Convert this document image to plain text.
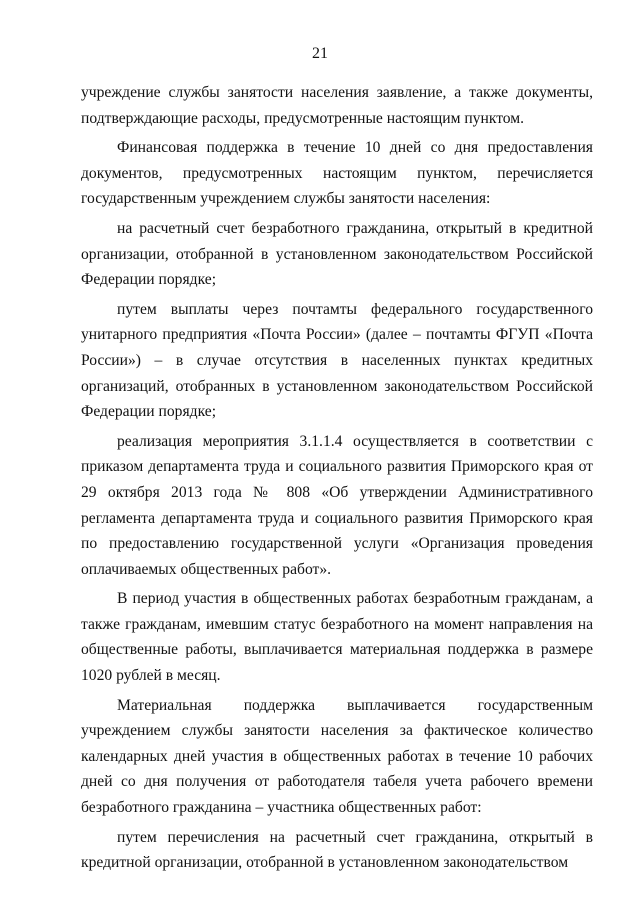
21

учреждение службы занятости населения заявление, а также документы, подтверждающие расходы, предусмотренные настоящим пунктом.

Финансовая поддержка в течение 10 дней со дня предоставления документов, предусмотренных настоящим пунктом, перечисляется государственным учреждением службы занятости населения:

на расчетный счет безработного гражданина, открытый в кредитной организации, отобранной в установленном законодательством Российской Федерации порядке;

путем выплаты через почтамты федерального государственного унитарного предприятия «Почта России» (далее – почтамты ФГУП «Почта России») – в случае отсутствия в населенных пунктах кредитных организаций, отобранных в установленном законодательством Российской Федерации порядке;

реализация мероприятия 3.1.1.4 осуществляется в соответствии с приказом департамента труда и социального развития Приморского края от 29 октября 2013 года № 808 «Об утверждении Административного регламента департамента труда и социального развития Приморского края по предоставлению государственной услуги «Организация проведения оплачиваемых общественных работ».

В период участия в общественных работах безработным гражданам, а также гражданам, имевшим статус безработного на момент направления на общественные работы, выплачивается материальная поддержка в размере 1020 рублей в месяц.

Материальная поддержка выплачивается государственным учреждением службы занятости населения за фактическое количество календарных дней участия в общественных работах в течение 10 рабочих дней со дня получения от работодателя табеля учета рабочего времени безработного гражданина – участника общественных работ:

путем перечисления на расчетный счет гражданина, открытый в кредитной организации, отобранной в установленном законодательством
